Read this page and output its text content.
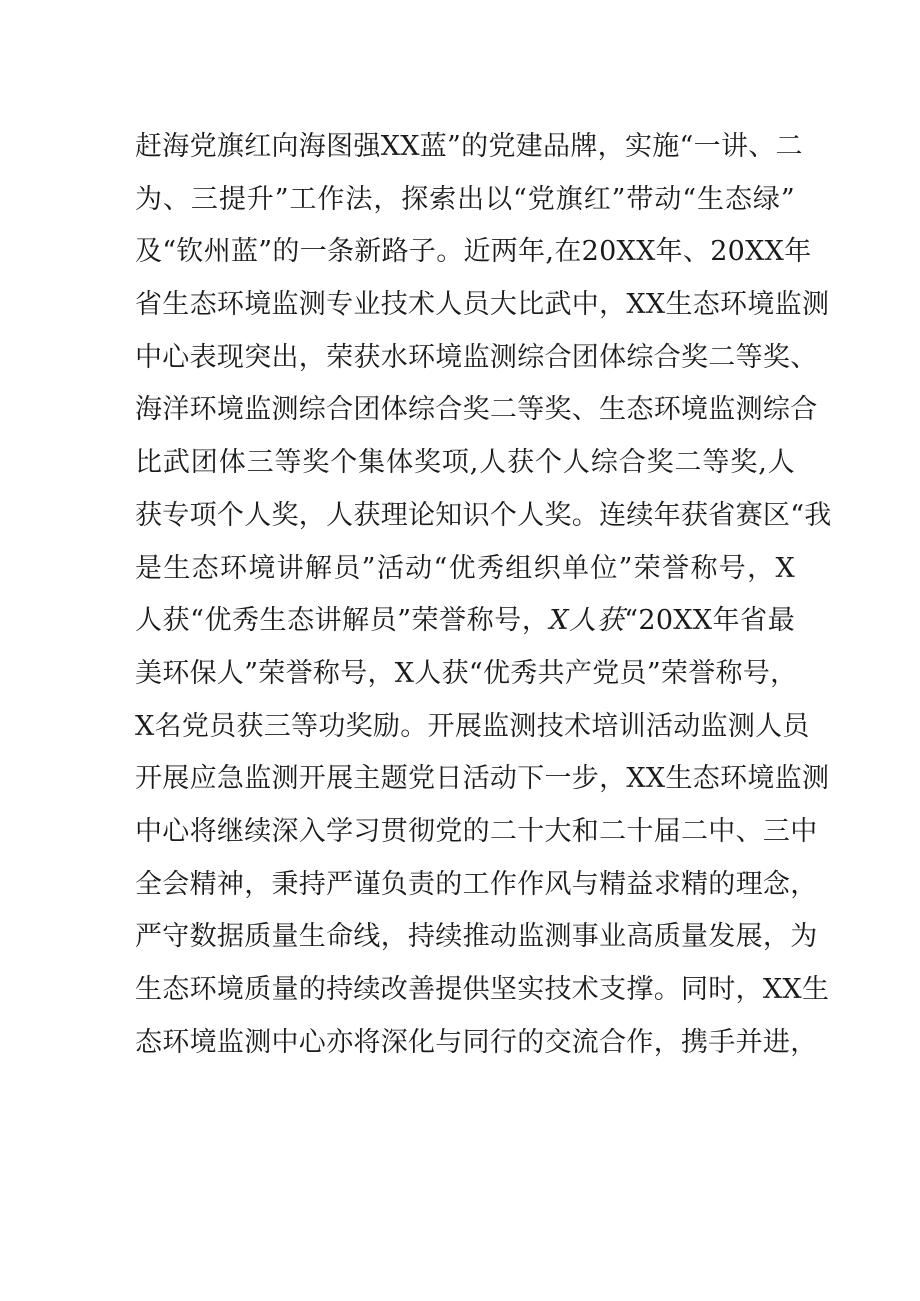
赶海党旗红向海图强XX蓝”的党建品牌，实施“一讲、二
为、三提升”工作法，探索出以“党旗红”带动“生态绿”
及“钦州蓝”的一条新路子。近两年,在20XX年、20XX年
省生态环境监测专业技术人员大比武中，XX生态环境监测
中心表现突出，荣获水环境监测综合团体综合奖二等奖、
海洋环境监测综合团体综合奖二等奖、生态环境监测综合
比武团体三等奖个集体奖项,人获个人综合奖二等奖,人
获专项个人奖，人获理论知识个人奖。连续年获省赛区“我
是生态环境讲解员”活动“优秀组织单位”荣誉称号，X
人获“优秀生态讲解员”荣誉称号，X人获“20XX年省最
美环保人”荣誉称号，X人获“优秀共产党员”荣誉称号，
X名党员获三等功奖励。开展监测技术培训活动监测人员
开展应急监测开展主题党日活动下一步，XX生态环境监测
中心将继续深入学习贯彻党的二十大和二十届二中、三中
全会精神，秉持严谨负责的工作作风与精益求精的理念，
严守数据质量生命线，持续推动监测事业高质量发展，为
生态环境质量的持续改善提供坚实技术支撑。同时，XX生
态环境监测中心亦将深化与同行的交流合作，携手并进，
